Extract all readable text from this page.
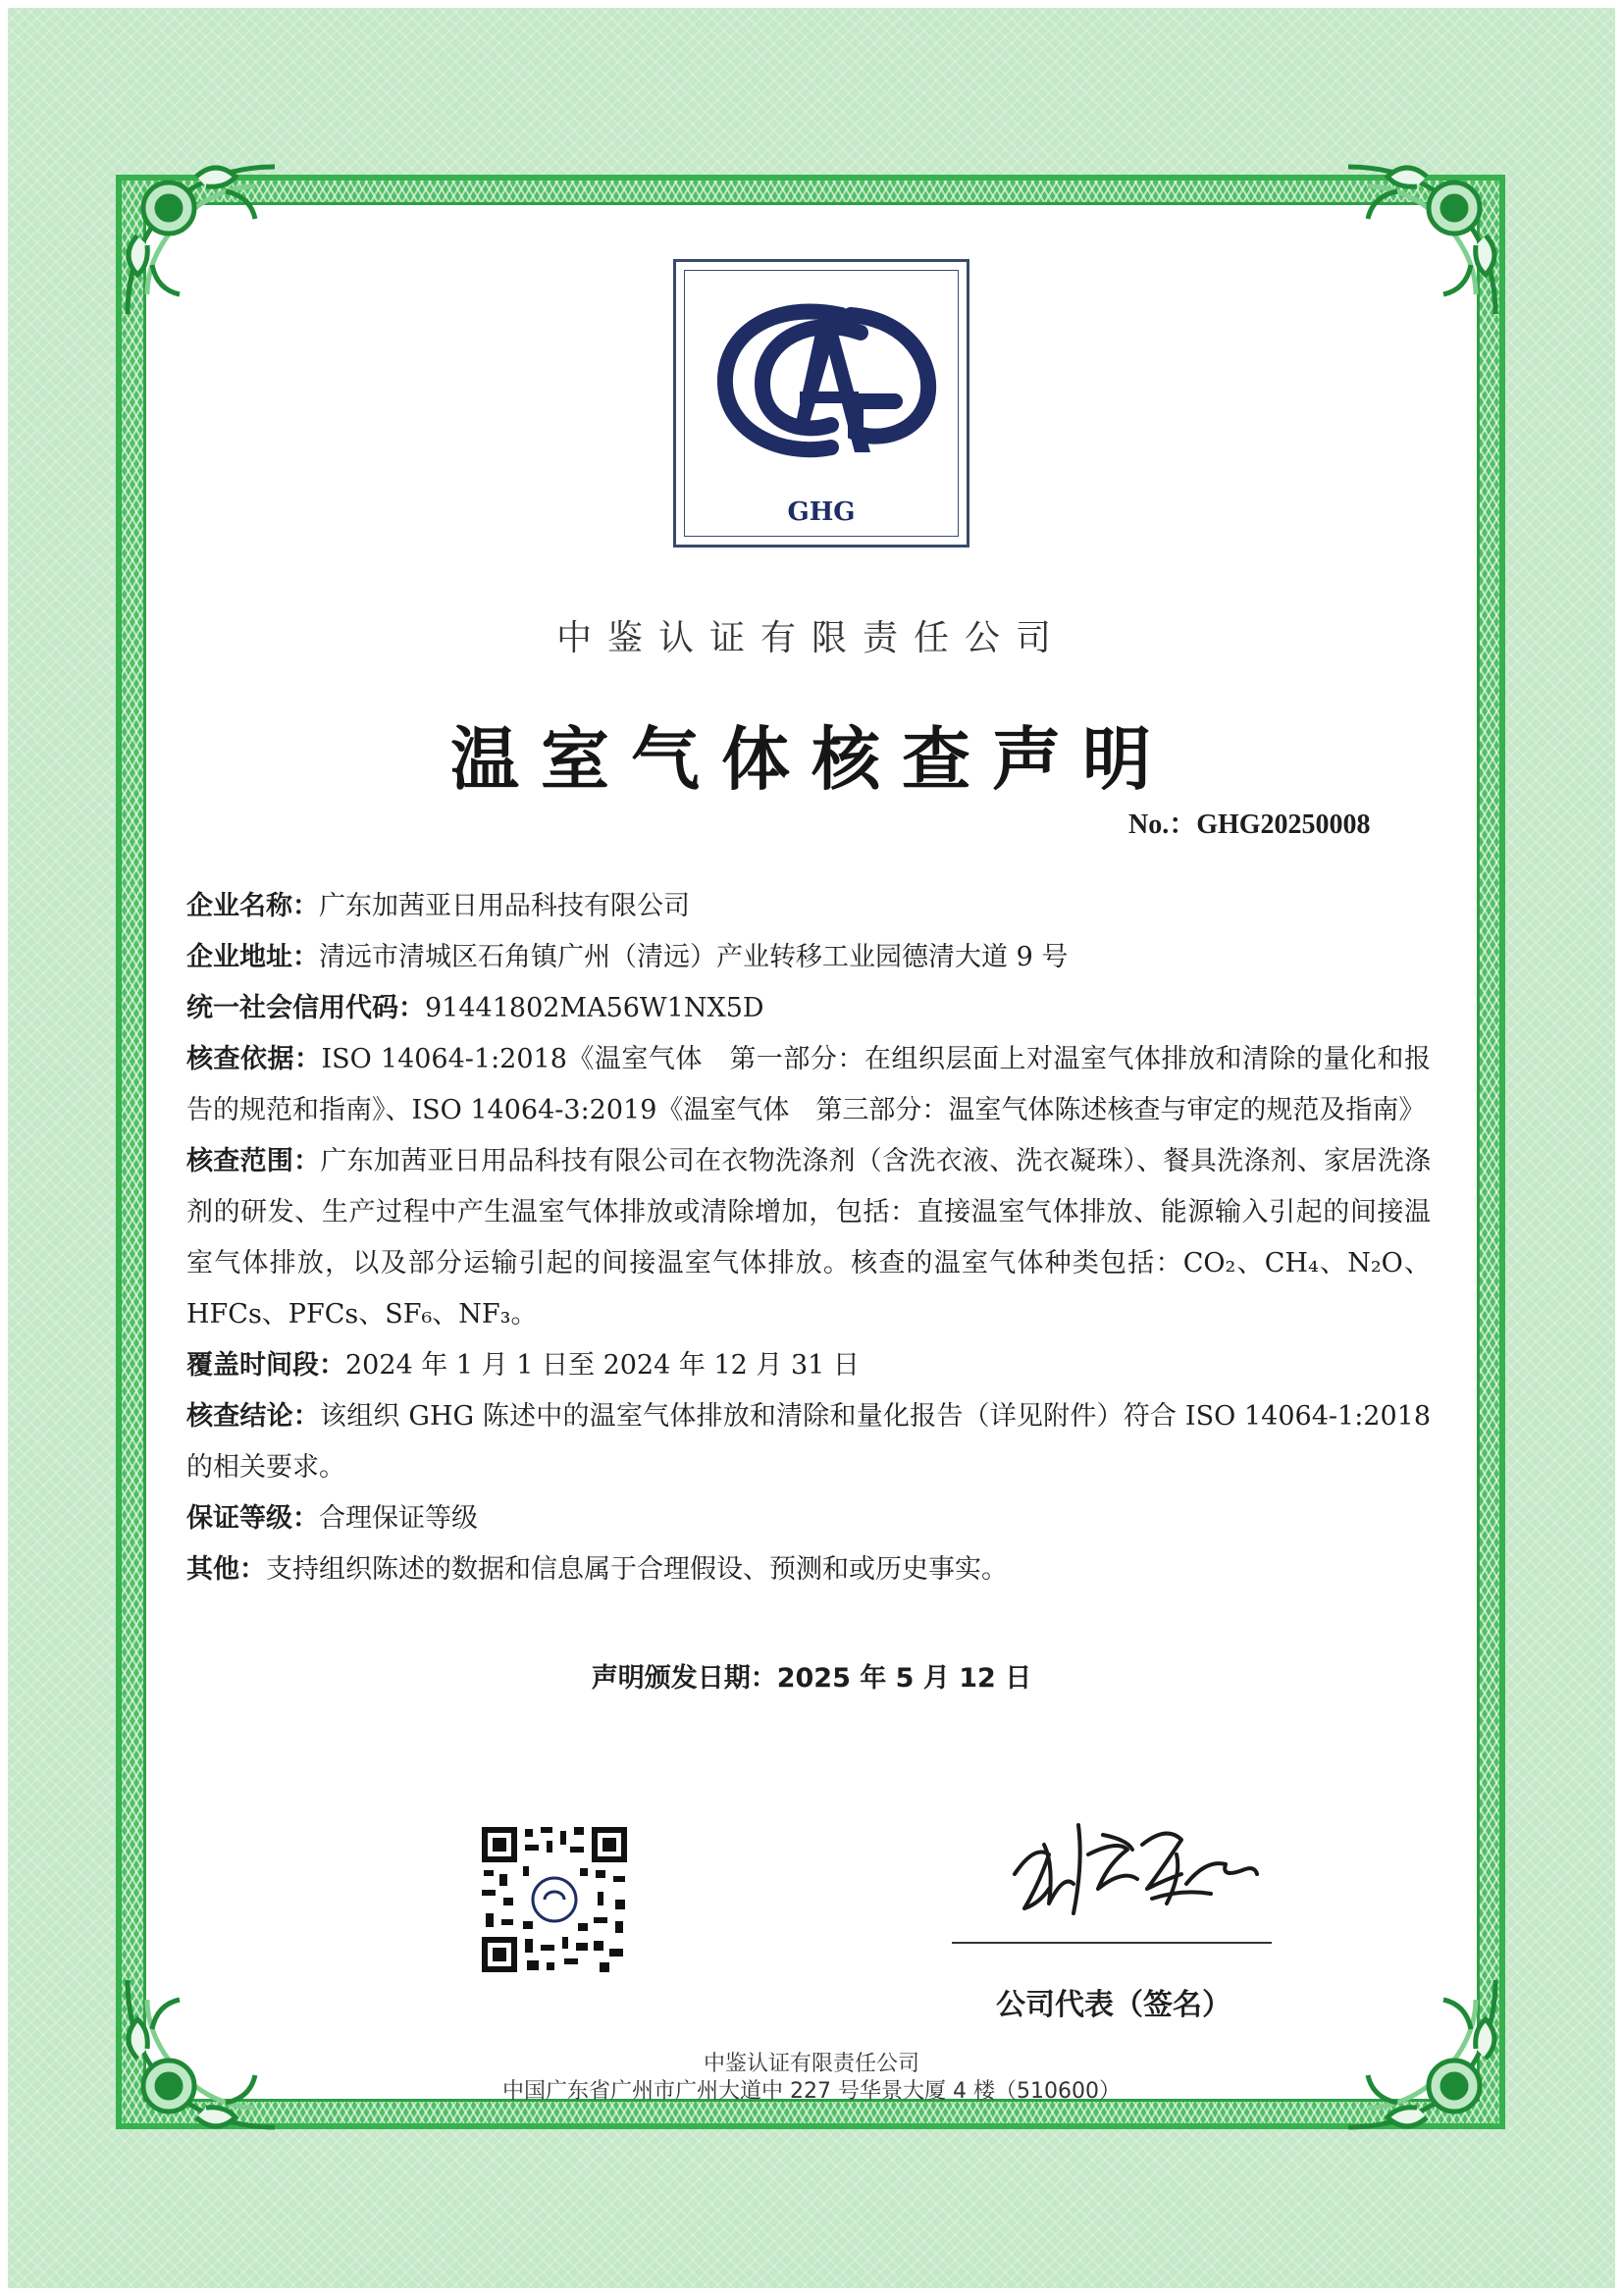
GHG
中鉴认证有限责任公司
温室气体核查声明
No.：GHG20250008

企业名称：广东加茜亚日用品科技有限公司

企业地址：清远市清城区石角镇广州（清远）产业转移工业园德清大道 9 号

统一社会信用代码：91441802MA56W1NX5D

核查依据：ISO 14064-1:2018《温室气体　第一部分：在组织层面上对温室气体排放和清除的量化和报告的规范和指南》、ISO 14064-3:2019《温室气体　第三部分：温室气体陈述核查与审定的规范及指南》

核查范围：广东加茜亚日用品科技有限公司在衣物洗涤剂（含洗衣液、洗衣凝珠）、餐具洗涤剂、家居洗涤剂的研发、生产过程中产生温室气体排放或清除增加，包括：直接温室气体排放、能源输入引起的间接温室气体排放，以及部分运输引起的间接温室气体排放。核查的温室气体种类包括：CO₂、CH₄、N₂O、HFCs、PFCs、SF₆、NF₃。

覆盖时间段：2024 年 1 月 1 日至 2024 年 12 月 31 日

核查结论：该组织 GHG 陈述中的温室气体排放和清除和量化报告（详见附件）符合 ISO 14064-1:2018 的相关要求。

保证等级：合理保证等级

其他：支持组织陈述的数据和信息属于合理假设、预测和或历史事实。

声明颁发日期：2025 年 5 月 12 日
公司代表（签名）
中鉴认证有限责任公司
中国广东省广州市广州大道中 227 号华景大厦 4 楼（510600）
